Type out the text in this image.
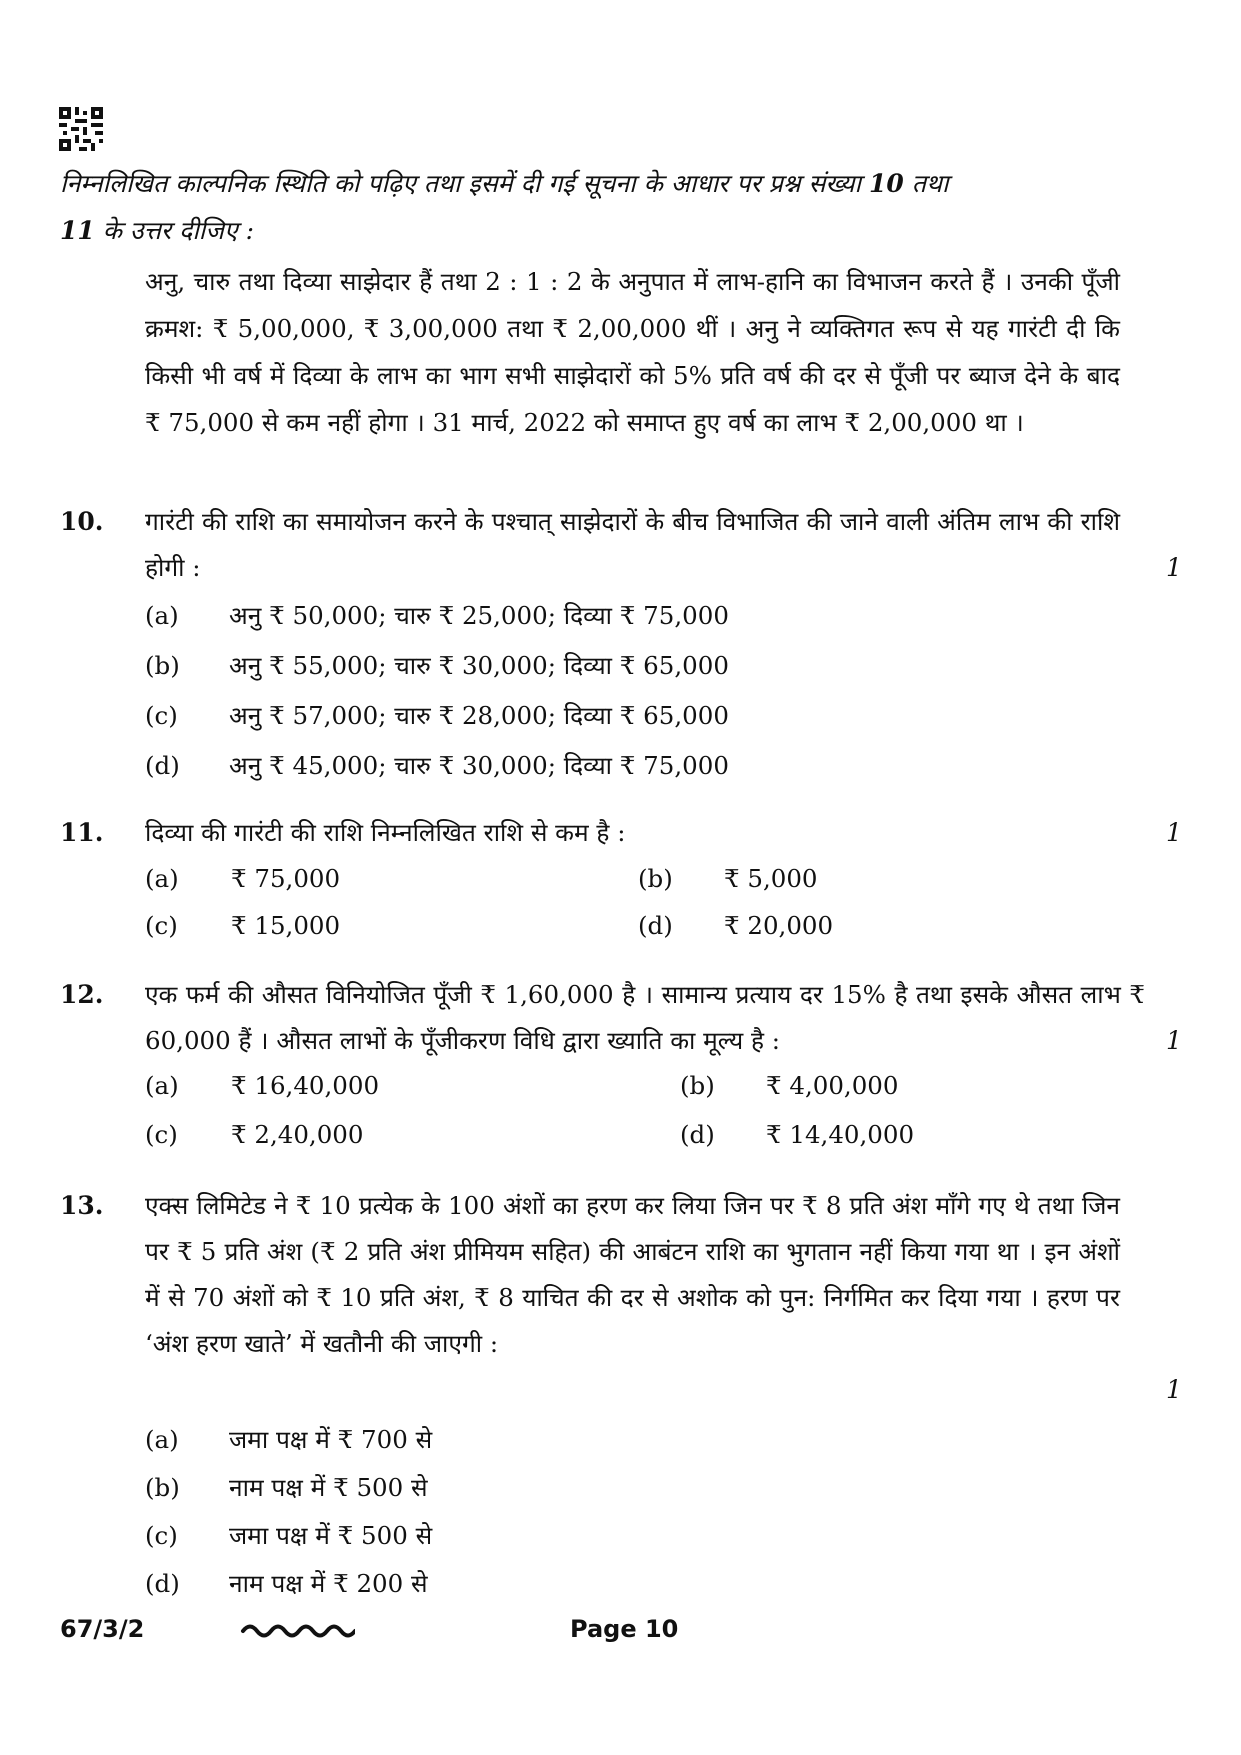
निम्नलिखित काल्पनिक स्थिति को पढ़िए तथा इसमें दी गई सूचना के आधार पर प्रश्न संख्या 10 तथा
11 के उत्तर दीजिए :
अनु, चारु तथा दिव्या साझेदार हैं तथा 2 : 1 : 2 के अनुपात में लाभ-हानि का विभाजन करते हैं । उनकी पूँजी क्रमश: ₹ 5,00,000, ₹ 3,00,000 तथा ₹ 2,00,000 थीं । अनु ने व्यक्तिगत रूप से यह गारंटी दी कि किसी भी वर्ष में दिव्या के लाभ का भाग सभी साझेदारों को 5% प्रति वर्ष की दर से पूँजी पर ब्याज देने के बाद ₹ 75,000 से कम नहीं होगा । 31 मार्च, 2022 को समाप्त हुए वर्ष का लाभ ₹ 2,00,000 था ।
10. गारंटी की राशि का समायोजन करने के पश्चात् साझेदारों के बीच विभाजित की जाने वाली अंतिम लाभ की राशि होगी :	1
(a) अनु ₹ 50,000; चारु ₹ 25,000; दिव्या ₹ 75,000
(b) अनु ₹ 55,000; चारु ₹ 30,000; दिव्या ₹ 65,000
(c) अनु ₹ 57,000; चारु ₹ 28,000; दिव्या ₹ 65,000
(d) अनु ₹ 45,000; चारु ₹ 30,000; दिव्या ₹ 75,000
11. दिव्या की गारंटी की राशि निम्नलिखित राशि से कम है :	1
(a) ₹ 75,000	(b) ₹ 5,000
(c) ₹ 15,000	(d) ₹ 20,000
12. एक फर्म की औसत विनियोजित पूँजी ₹ 1,60,000 है । सामान्य प्रत्याय दर 15% है तथा इसके औसत लाभ ₹ 60,000 हैं । औसत लाभों के पूँजीकरण विधि द्वारा ख्याति का मूल्य है :	1
(a) ₹ 16,40,000	(b) ₹ 4,00,000
(c) ₹ 2,40,000	(d) ₹ 14,40,000
13. एक्स लिमिटेड ने ₹ 10 प्रत्येक के 100 अंशों का हरण कर लिया जिन पर ₹ 8 प्रति अंश माँगे गए थे तथा जिन पर ₹ 5 प्रति अंश (₹ 2 प्रति अंश प्रीमियम सहित) की आबंटन राशि का भुगतान नहीं किया गया था । इन अंशों में से 70 अंशों को ₹ 10 प्रति अंश, ₹ 8 याचित की दर से अशोक को पुन: निर्गमित कर दिया गया । हरण पर ‘अंश हरण खाते’ में खतौनी की जाएगी :
1
(a) जमा पक्ष में ₹ 700 से
(b) नाम पक्ष में ₹ 500 से
(c) जमा पक्ष में ₹ 500 से
(d) नाम पक्ष में ₹ 200 से
67/3/2	Page 10
